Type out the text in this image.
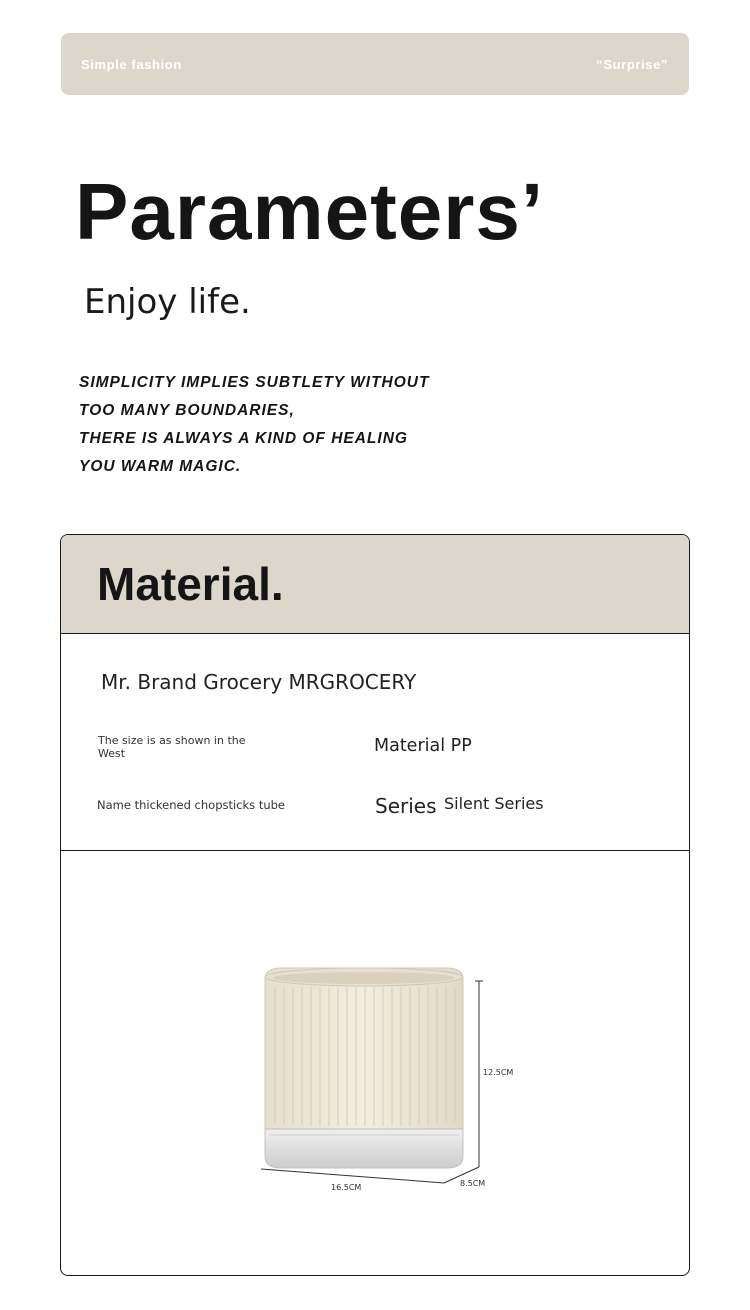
Simple fashion	“Surprise”
Parameters’
Enjoy life.
SIMPLICITY IMPLIES SUBTLETY WITHOUT
TOO MANY BOUNDARIES,
THERE IS ALWAYS A KIND OF HEALING
YOU WARM MAGIC.
Material.
Mr. Brand Grocery MRGROCERY
The size is as shown in the West	Material PP
Name thickened chopsticks tube	Series Silent Series
12.5CM
16.5CM	8.5CM
